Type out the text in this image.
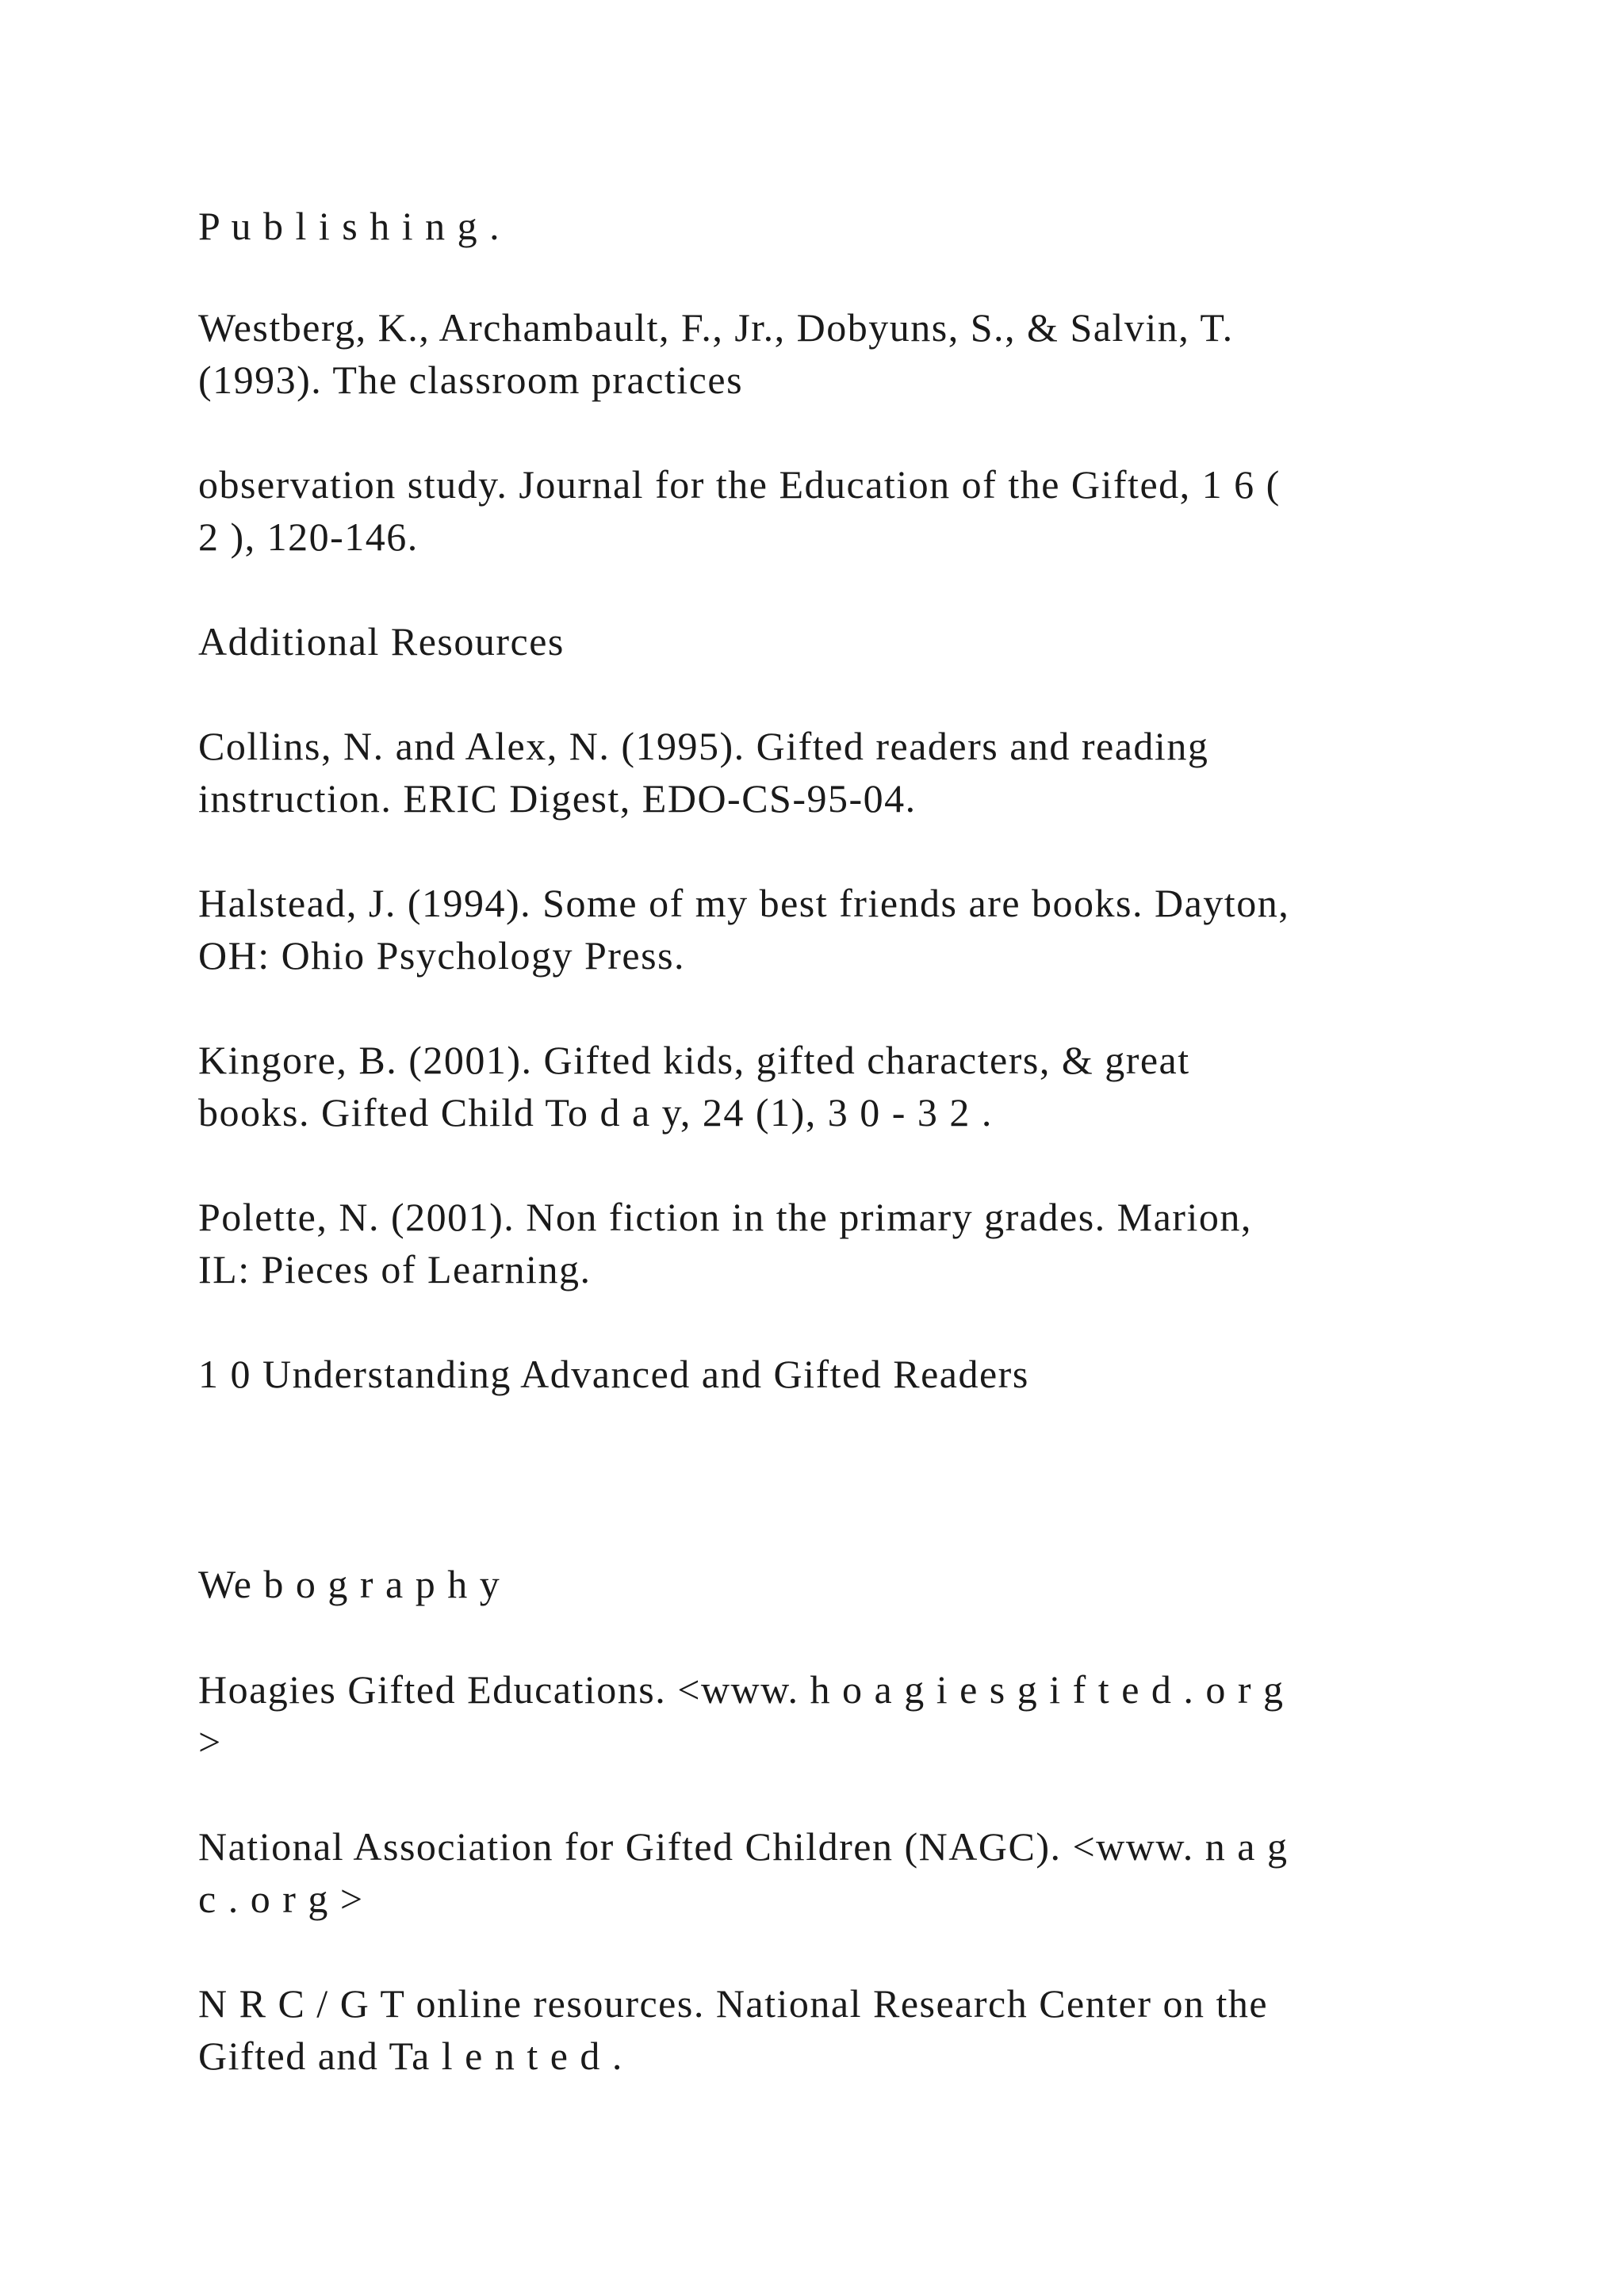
P u b l i s h i n g .

Westberg, K., Archambault, F., Jr., Dobyuns, S., & Salvin, T.
(1993). The classroom practices

observation study. Journal for the Education of the Gifted, 1 6 (
2 ), 120-146.

Additional Resources

Collins, N. and Alex, N. (1995). Gifted readers and reading
instruction. ERIC Digest, EDO-CS-95-04.

Halstead, J. (1994). Some of my best friends are books. Dayton,
OH: Ohio Psychology Press.

Kingore, B. (2001). Gifted kids, gifted characters, & great
books. Gifted Child To d a y, 24 (1), 3 0 - 3 2 .

Polette, N. (2001). Non fiction in the primary grades. Marion,
IL: Pieces of Learning.

1 0 Understanding Advanced and Gifted Readers

We b o g r a p h y

Hoagies Gifted Educations. <www. h o a g i e s g i f t e d . o r g
>

National Association for Gifted Children (NAGC). <www. n a g
c . o r g >

N R C / G T online resources. National Research Center on the
Gifted and Ta l e n t e d .
